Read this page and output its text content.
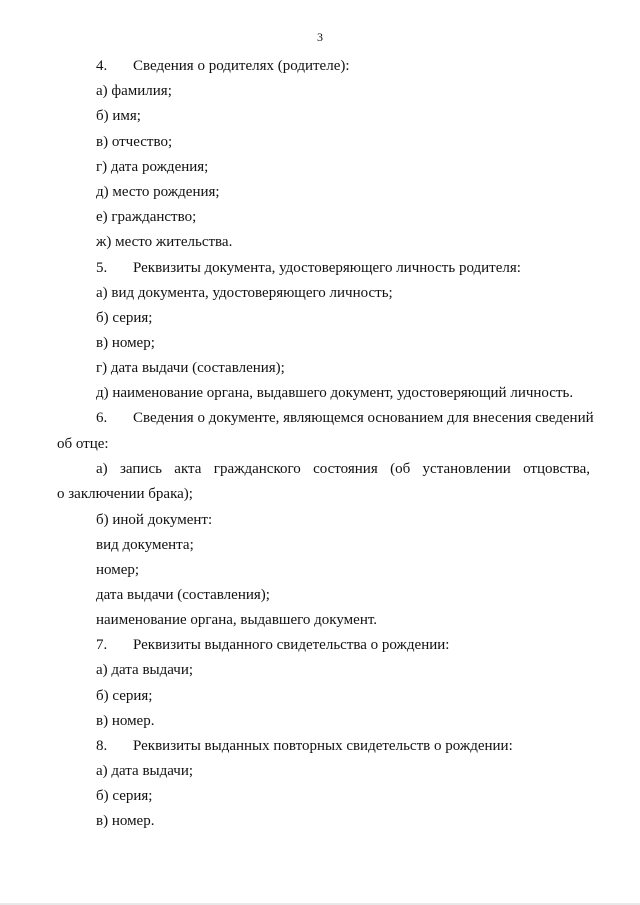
3
4. Сведения о родителях (родителе):
а) фамилия;
б) имя;
в) отчество;
г) дата рождения;
д) место рождения;
е) гражданство;
ж) место жительства.
5. Реквизиты документа, удостоверяющего личность родителя:
а) вид документа, удостоверяющего личность;
б) серия;
в) номер;
г) дата выдачи (составления);
д) наименование органа, выдавшего документ, удостоверяющий личность.
6. Сведения о документе, являющемся основанием для внесения сведений
об отце:
а) запись акта гражданского состояния (об установлении отцовства,
о заключении брака);
б) иной документ:
вид документа;
номер;
дата выдачи (составления);
наименование органа, выдавшего документ.
7. Реквизиты выданного свидетельства о рождении:
а) дата выдачи;
б) серия;
в) номер.
8. Реквизиты выданных повторных свидетельств о рождении:
а) дата выдачи;
б) серия;
в) номер.
